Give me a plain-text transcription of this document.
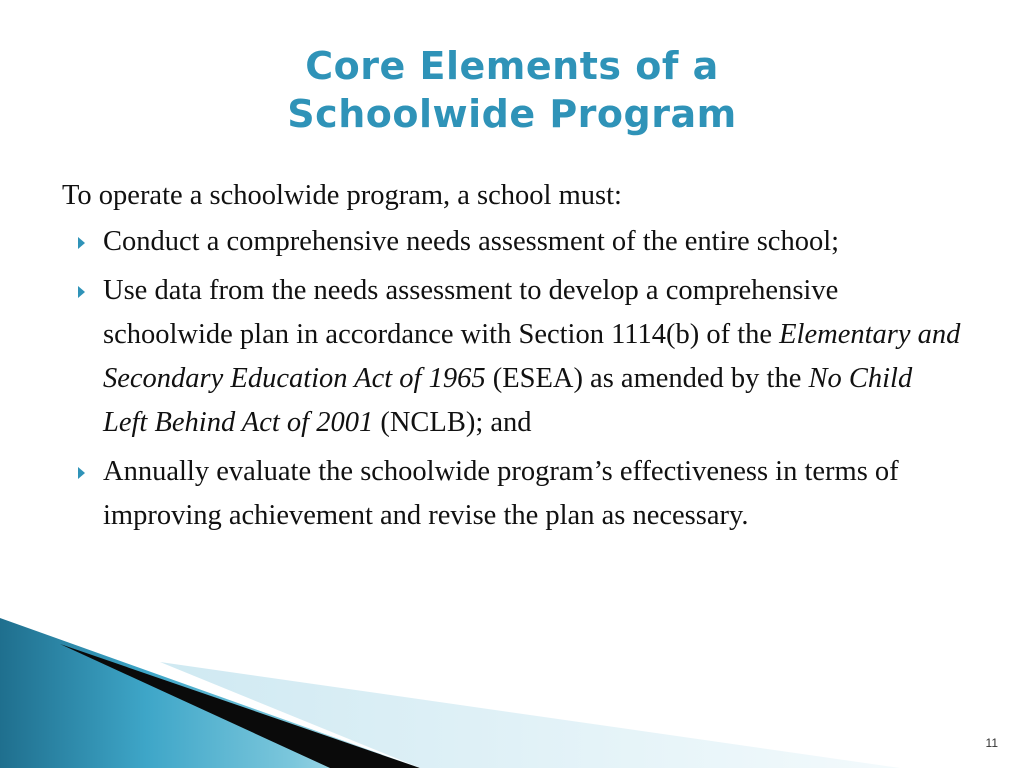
Core Elements of a
Schoolwide Program

To operate a schoolwide program, a school must:

Conduct a comprehensive needs assessment of the entire school;
Use data from the needs assessment to develop a comprehensive schoolwide plan in accordance with Section 1114(b) of the Elementary and Secondary Education Act of 1965 (ESEA) as amended by the No Child Left Behind Act of 2001 (NCLB); and
Annually evaluate the schoolwide program’s effectiveness in terms of improving achievement and revise the plan as necessary.
11
